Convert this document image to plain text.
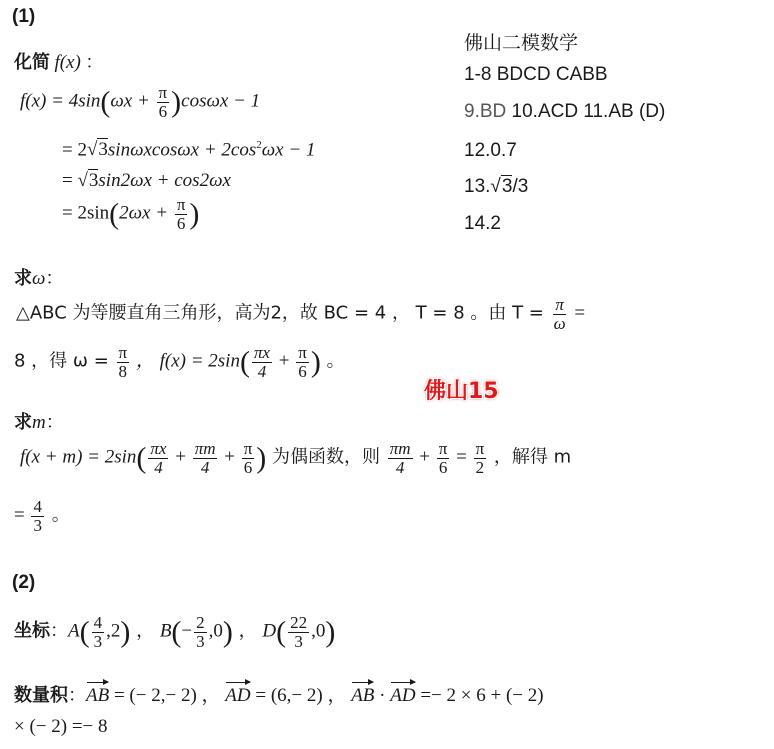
(1)
化简 f(x) ：
$f(x) = 4\sin(\omega x + \frac{\pi}{6} )\cos\omega x - 1$
= $2√3\sin\omega xcos\omega x + 2\cos^2\omega x - 1$
= √3sin2ωx + cos2ωx
= $2\sin(2\omega x + \frac{\pi}{6}$ )
佛山二模数学
1-8 BDCD CABB
9.BD 10.ACD 11.AB (D)
12.0.7
13.√3/3
14.2
求ω：
△ABC 为等腰直角三角形，高为2，故 BC = 4 ， T = 8 。由 $T = \frac{\pi}{\omega}$ =
8 ，得 $\omega = \frac{\pi}{8}$ ， $f(x) = 2\sin( \frac{\pi x}{4} + \frac{\pi}{6}$ ) 。
佛山15
求m：
$f(x + m) = 2\sin( \frac{\pi x}{4} + \frac{\pi m}{4} + \frac{\pi}{6}$ ) 为偶函数，则 $\frac{\pi m}{4} + \frac{\pi}{6} = \frac{\pi}{2}$ ，解得 m
= $\frac{4}{3}$ 。
(2)
坐标：$A( \frac{4}{3} ,2)$ ， $B(- \frac{2}{3} ,0)$ ， $D( \frac{22}{3} ,0)$
数量积：AB = (− 2,− 2) ， AD = (6,− 2) ， AB · AD =− 2 × 6 + (− 2)
× (− 2) =− 8
